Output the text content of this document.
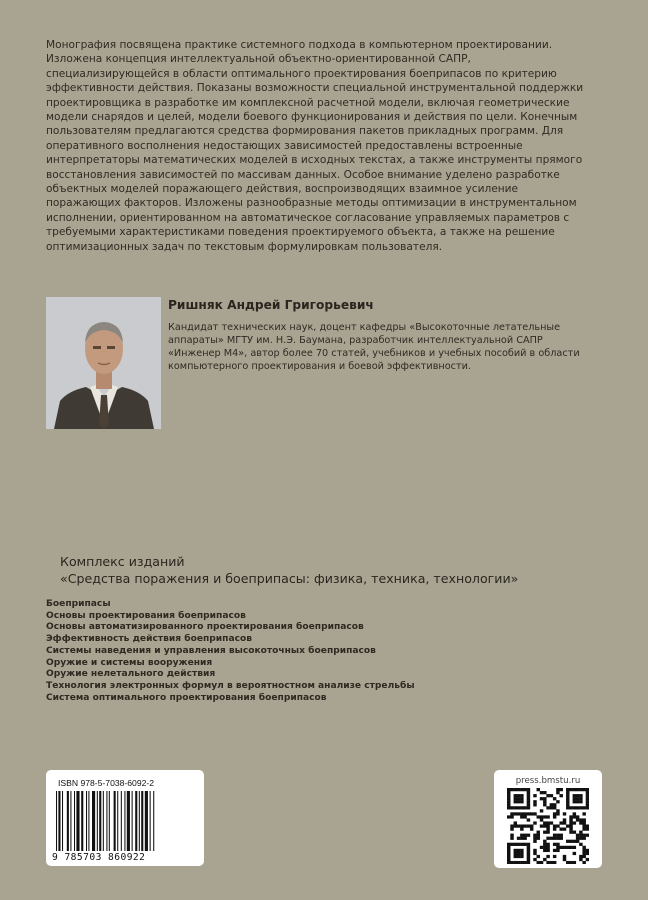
Монография посвящена практике системного подхода в компьютерном проектировании. Изложена концепция интеллектуальной объектно-ориентированной САПР, специализирующейся в области оптимального проектирования боеприпасов по критерию эффективности действия. Показаны возможности специальной инструментальной поддержки проектировщика в разработке им комплексной расчетной модели, включая геометрические модели снарядов и целей, модели боевого функционирования и действия по цели. Конечным пользователям предлагаются средства формирования пакетов прикладных программ. Для оперативного восполнения недостающих зависимостей предоставлены встроенные интерпретаторы математических моделей в исходных текстах, а также инструменты прямого восстановления зависимостей по массивам данных. Особое внимание уделено разработке объектных моделей поражающего действия, воспроизводящих взаимное усиление поражающих факторов. Изложены разнообразные методы оптимизации в инструментальном исполнении, ориентированном на автоматическое согласование управляемых параметров с требуемыми характеристиками поведения проектируемого объекта, а также на решение оптимизационных задач по текстовым формулировкам пользователя.

Ришняк Андрей Григорьевич

Кандидат технических наук, доцент кафедры «Высокоточные летательные аппараты» МГТУ им. Н.Э. Баумана, разработчик интеллектуальной САПР «Инженер М4», автор более 70 статей, учебников и учебных пособий в области компьютерного проектирования и боевой эффективности.

Комплекс изданий
«Средства поражения и боеприпасы: физика, техника, технологии»
Боеприпасы
Основы проектирования боеприпасов
Основы автоматизированного проектирования боеприпасов
Эффективность действия боеприпасов
Системы наведения и управления высокоточных боеприпасов
Оружие и системы вооружения
Оружие нелетального действия
Технология электронных формул в вероятностном анализе стрельбы
Система оптимального проектирования боеприпасов

ISBN 978-5-7038-6092-2

9 785703 860922

press.bmstu.ru
